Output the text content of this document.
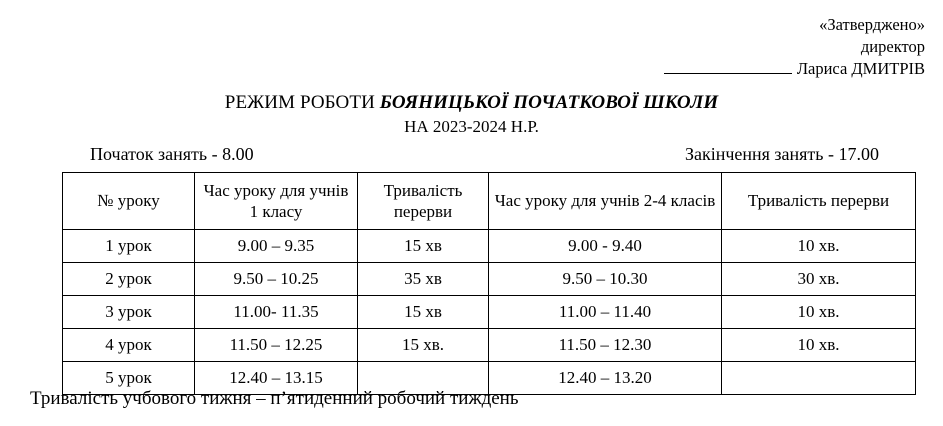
«Затверджено»
директор
Лариса ДМИТРІВ
РЕЖИМ РОБОТИ БОЯНИЦЬКОЇ ПОЧАТКОВОЇ ШКОЛИ
НА 2023-2024 Н.Р.
Початок занять - 8.00	Закінчення занять - 17.00
№ уроку	Час уроку для учнів 1 класу	Тривалість перерви	Час уроку для учнів 2-4 класів	Тривалість перерви
1 урок	9.00 – 9.35	15 хв	9.00 - 9.40	10 хв.
2 урок	9.50 – 10.25	35 хв	9.50 – 10.30	30 хв.
3 урок	11.00- 11.35	15 хв	11.00 – 11.40	10 хв.
4 урок	11.50 – 12.25	15 хв.	11.50 – 12.30	10 хв.
5 урок	12.40 – 13.15		12.40 – 13.20	
Тривалість учбового тижня – п’ятиденний робочий тиждень
